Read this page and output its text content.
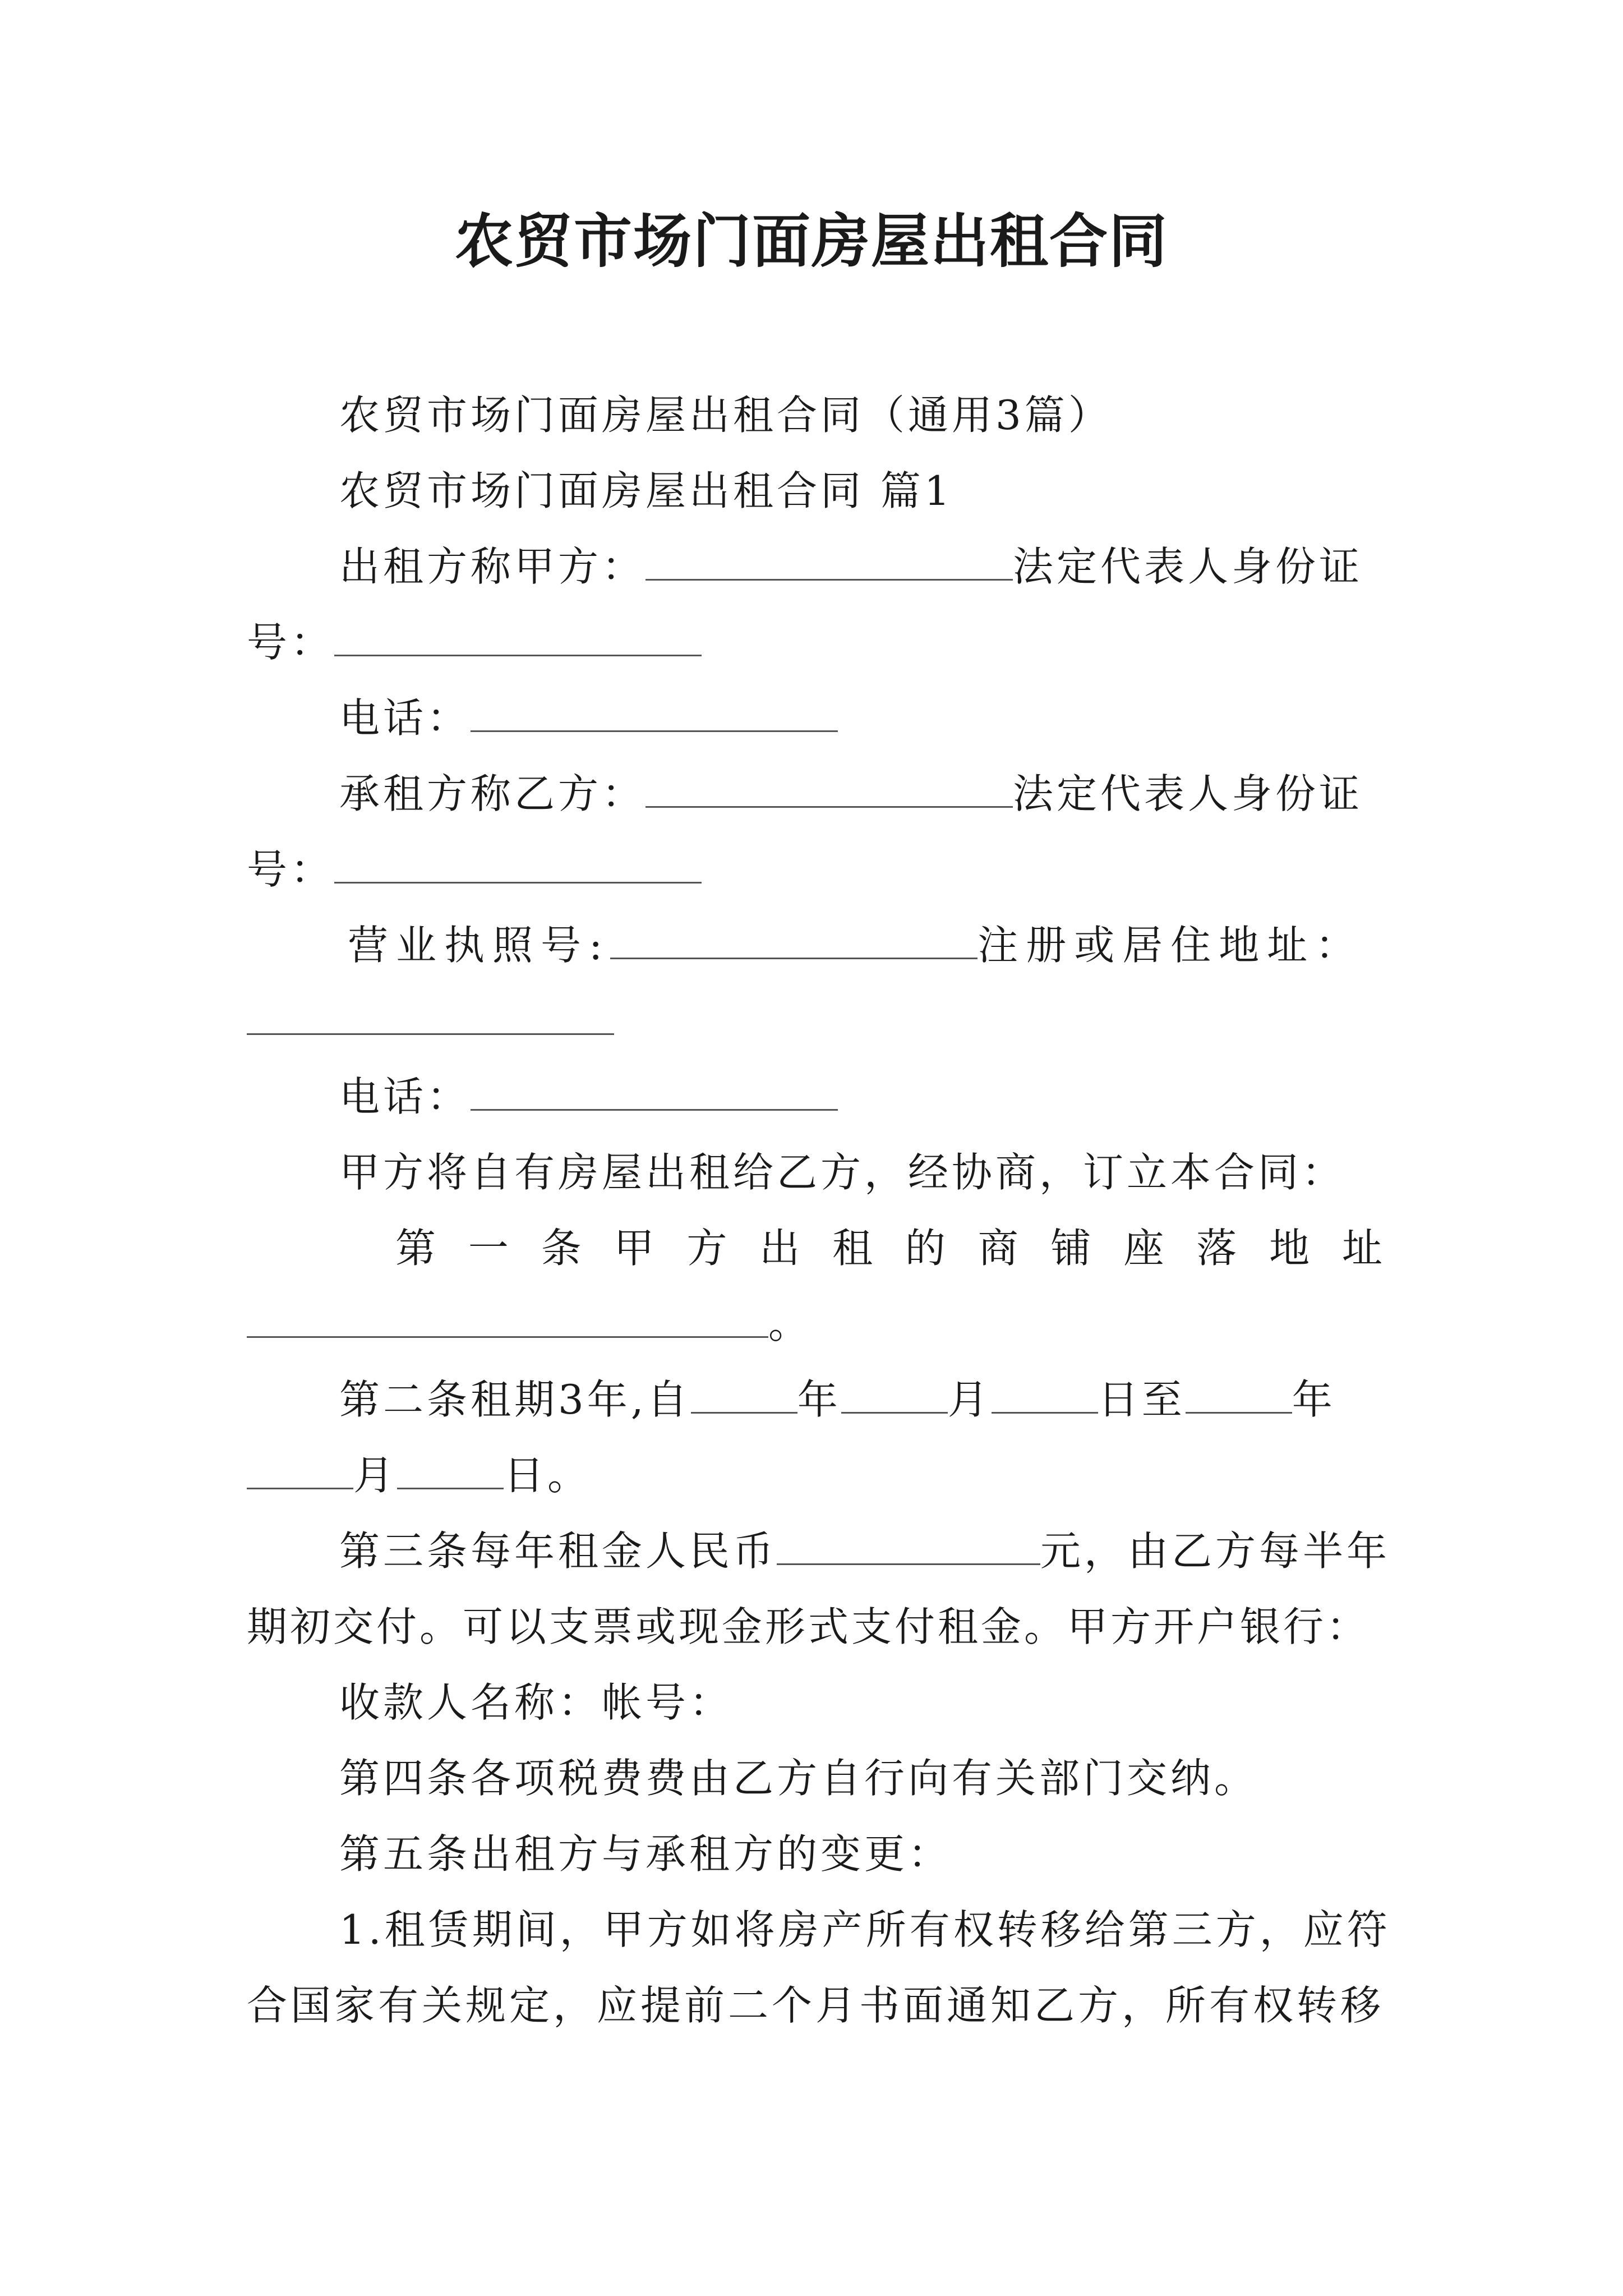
农贸市场门面房屋出租合同
农贸市场门面房屋出租合同（通用3篇）
农贸市场门面房屋出租合同 篇1
出租方称甲方：	法定代表人身份证
号：
电话：
承租方称乙方：	法定代表人身份证
号：
营业执照号:	注册或居住地址：
电话：
甲方将自有房屋出租给乙方，经协商，订立本合同：
第 一 条 甲 方 出 租 的 商 铺 座 落 地 址
。
第二条租期3年,自	年	月	日至	年
月	日。
第三条每年租金人民币	元，由乙方每半年
期初交付。可以支票或现金形式支付租金。甲方开户银行：
收款人名称：帐号：
第四条各项税费费由乙方自行向有关部门交纳。
第五条出租方与承租方的变更：
1.租赁期间，甲方如将房产所有权转移给第三方，应符
合国家有关规定，应提前二个月书面通知乙方，所有权转移
